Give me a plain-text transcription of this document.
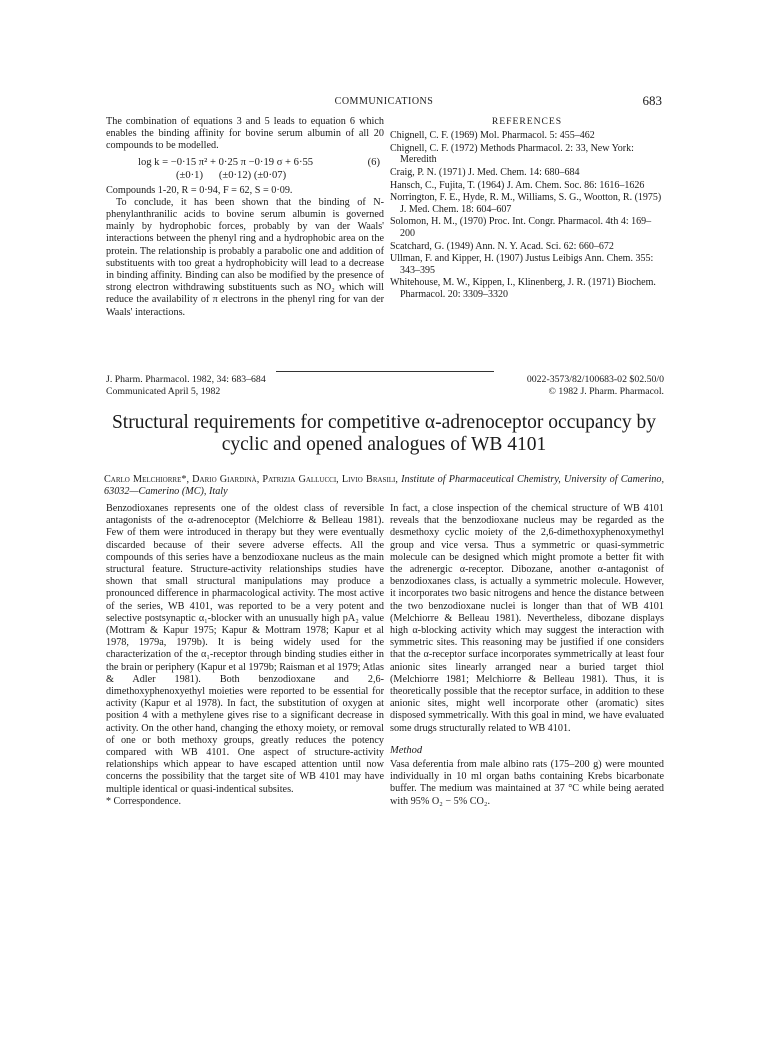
COMMUNICATIONS	683

The combination of equations 3 and 5 leads to equation 6 which enables the binding affinity for bovine serum albumin of all 20 compounds to be modelled.

log k = −0·15 π² + 0·25 π −0·19 σ + 6·55	(6)
(±0·1)      (±0·12) (±0·07)

Compounds 1-20, R = 0·94, F = 62, S = 0·09.

To conclude, it has been shown that the binding of N-phenylanthranilic acids to bovine serum albumin is governed mainly by hydrophobic forces, probably by van der Waals' interactions between the phenyl ring and a hydrophobic area on the protein. The relationship is probably a parabolic one and addition of substituents with too great a hydrophobicity will lead to a decrease in binding affinity. Binding can also be modified by the presence of strong electron withdrawing substituents such as NO₂ which will reduce the availability of π electrons in the phenyl ring for van der Waals' interactions.

REFERENCES
Chignell, C. F. (1969) Mol. Pharmacol. 5: 455–462
Chignell, C. F. (1972) Methods Pharmacol. 2: 33, New York: Meredith
Craig, P. N. (1971) J. Med. Chem. 14: 680–684
Hansch, C., Fujita, T. (1964) J. Am. Chem. Soc. 86: 1616–1626
Norrington, F. E., Hyde, R. M., Williams, S. G., Wootton, R. (1975) J. Med. Chem. 18: 604–607
Solomon, H. M., (1970) Proc. Int. Congr. Pharmacol. 4th 4: 169–200
Scatchard, G. (1949) Ann. N. Y. Acad. Sci. 62: 660–672
Ullman, F. and Kipper, H. (1907) Justus Leibigs Ann. Chem. 355: 343–395
Whitehouse, M. W., Kippen, I., Klinenberg, J. R. (1971) Biochem. Pharmacol. 20: 3309–3320
J. Pharm. Pharmacol. 1982, 34: 683–684
Communicated April 5, 1982
0022-3573/82/100683-02 $02.50/0
© 1982 J. Pharm. Pharmacol.
Structural requirements for competitive α-adrenoceptor occupancy by cyclic and opened analogues of WB 4101
Carlo Melchiorre*, Dario Giardinà, Patrizia Gallucci, Livio Brasili, Institute of Pharmaceutical Chemistry, University of Camerino, 63032—Camerino (MC), Italy

Benzodioxanes represents one of the oldest class of reversible antagonists of the α-adrenoceptor (Melchiorre & Belleau 1981). Few of them were introduced in therapy but they were eventually discarded because of their severe adverse effects. All the compounds of this series have a benzodioxane nucleus as the main structural feature. Structure-activity relationships studies have shown that small structural manipulations may produce a pronounced difference in pharmacological activity. The most active of the series, WB 4101, was reported to be a very potent and selective postsynaptic α₁-blocker with an unusually high pA₂ value (Mottram & Kapur 1975; Kapur & Mottram 1978; Kapur et al 1978, 1979a, 1979b). It is being widely used for the characterization of the α₁-receptor through binding studies either in the brain or periphery (Kapur et al 1979b; Raisman et al 1979; Atlas & Adler 1981). Both benzodioxane and 2,6-dimethoxyphenoxyethyl moieties were reported to be essential for activity (Kapur et al 1978). In fact, the substitution of oxygen at position 4 with a methylene gives rise to a significant decrease in activity. On the other hand, changing the ethoxy moiety, or removal of one or both methoxy groups, greatly reduces the potency compared with WB 4101. One aspect of structure-activity relationships which appear to have escaped attention until now concerns the possibility that the target site of WB 4101 may have multiple identical or quasi-indentical subsites.

* Correspondence.

In fact, a close inspection of the chemical structure of WB 4101 reveals that the benzodioxane nucleus may be regarded as the desmethoxy cyclic moiety of the 2,6-dimethoxyphenoxymethyl group and vice versa. Thus a symmetric or quasi-symmetric molecule can be designed which might promote a better fit with the adrenergic α-receptor. Dibozane, another α-antagonist of benzodioxanes class, is actually a symmetric molecule. However, it incorporates two basic nitrogens and hence the distance between the two benzodioxane nuclei is longer than that of WB 4101 (Melchiorre & Belleau 1981). Nevertheless, dibozane displays high α-blocking activity which may suggest the interaction with symmetric sites. This reasoning may be justified if one considers that the α-receptor surface incorporates symmetrically at least four anionic sites linearly arranged near a buried target thiol (Melchiorre 1981; Melchiorre & Belleau 1981). Thus, it is theoretically possible that the receptor surface, in addition to these anionic sites, might well incorporate other (aromatic) sites disposed symmetrically. With this goal in mind, we have evaluated some drugs structurally related to WB 4101.

Method

Vasa deferentia from male albino rats (175–200 g) were mounted individually in 10 ml organ baths containing Krebs bicarbonate buffer. The medium was maintained at 37 °C while being aerated with 95% O₂ − 5% CO₂.
